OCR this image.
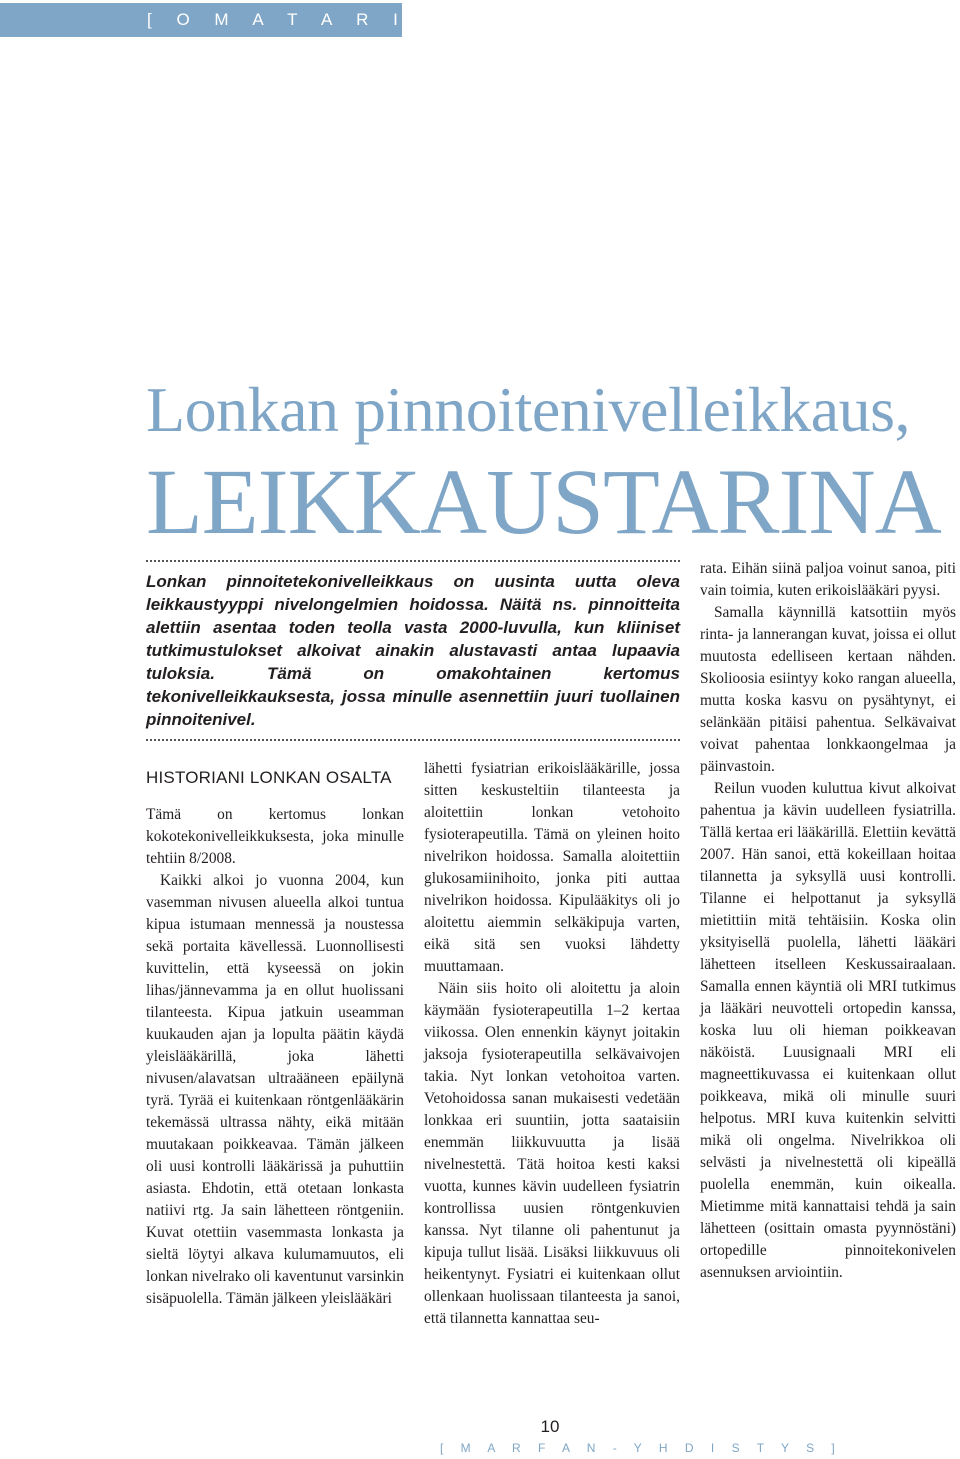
[ O M A T A R I N A ]
Lonkan pinnoitenivelleikkaus,
LEIKKAUSTARINA

Lonkan pinnoitetekonivelleikkaus on uusinta uutta oleva leikkaustyyppi nivelongelmien hoidossa. Näitä ns. pinnoitteita alettiin asentaa toden teolla vasta 2000-luvulla, kun kliiniset tutkimustulokset alkoivat ainakin alustavasti antaa lupaavia tuloksia. Tämä on omakohtainen kertomus tekonivelleikkauksesta, jossa minulle asennettiin juuri tuollainen pinnoitenivel.

HISTORIANI LONKAN OSALTA

Tämä on kertomus lonkan kokotekonivelleikkuksesta, joka minulle tehtiin 8/2008.

Kaikki alkoi jo vuonna 2004, kun vasemman nivusen alueella alkoi tuntua kipua istumaan mennessä ja noustessa sekä portaita kävellessä. Luonnollisesti kuvittelin, että kyseessä on jokin lihas/jännevamma ja en ollut huolissani tilanteesta. Kipua jatkuin useamman kuukauden ajan ja lopulta päätin käydä yleislääkärillä, joka lähetti nivusen/alavatsan ultraääneen epäilynä tyrä. Tyrää ei kuitenkaan röntgenlääkärin tekemässä ultrassa nähty, eikä mitään muutakaan poikkeavaa. Tämän jälkeen oli uusi kontrolli lääkärissä ja puhuttiin asiasta. Ehdotin, että otetaan lonkasta natiivi rtg. Ja sain lähetteen röntgeniin. Kuvat otettiin vasemmasta lonkasta ja sieltä löytyi alkava kulumamuutos, eli lonkan nivelrako oli kaventunut varsinkin sisäpuolella. Tämän jälkeen yleislääkäri

lähetti fysiatrian erikoislääkärille, jossa sitten keskusteltiin tilanteesta ja aloitettiin lonkan vetohoito fysioterapeutilla. Tämä on yleinen hoito nivelrikon hoidossa. Samalla aloitettiin glukosamiinihoito, jonka piti auttaa nivelrikon hoidossa. Kipulääkitys oli jo aloitettu aiemmin selkäkipuja varten, eikä sitä sen vuoksi lähdetty muuttamaan.

Näin siis hoito oli aloitettu ja aloin käymään fysioterapeutilla 1–2 kertaa viikossa. Olen ennenkin käynyt joitakin jaksoja fysioterapeutilla selkävaivojen takia. Nyt lonkan vetohoitoa varten. Vetohoidossa sanan mukaisesti vedetään lonkkaa eri suuntiin, jotta saataisiin enemmän liikkuvuutta ja lisää nivelnestettä. Tätä hoitoa kesti kaksi vuotta, kunnes kävin uudelleen fysiatrin kontrollissa uusien röntgenkuvien kanssa. Nyt tilanne oli pahentunut ja kipuja tullut lisää. Lisäksi liikkuvuus oli heikentynyt. Fysiatri ei kuitenkaan ollut ollenkaan huolissaan tilanteesta ja sanoi, että tilannetta kannattaa seu-

rata. Eihän siinä paljoa voinut sanoa, piti vain toimia, kuten erikoislääkäri pyysi.

Samalla käynnillä katsottiin myös rinta- ja lannerangan kuvat, joissa ei ollut muutosta edelliseen kertaan nähden. Skolioosia esiintyy koko rangan alueella, mutta koska kasvu on pysähtynyt, ei selänkään pitäisi pahentua. Selkävaivat voivat pahentaa lonkkaongelmaa ja päinvastoin.

Reilun vuoden kuluttua kivut alkoivat pahentua ja kävin uudelleen fysiatrilla. Tällä kertaa eri lääkärillä. Elettiin kevättä 2007. Hän sanoi, että kokeillaan hoitaa tilannetta ja syksyllä uusi kontrolli. Tilanne ei helpottanut ja syksyllä mietittiin mitä tehtäisiin. Koska olin yksityisellä puolella, lähetti lääkäri lähetteen itselleen Keskussairaalaan. Samalla ennen käyntiä oli MRI tutkimus ja lääkäri neuvotteli ortopedin kanssa, koska luu oli hieman poikkeavan näköistä. Luusignaali MRI eli magneettikuvassa ei kuitenkaan ollut poikkeava, mikä oli minulle suuri helpotus. MRI kuva kuitenkin selvitti mikä oli ongelma. Nivelrikkoa oli selvästi ja nivelnestettä oli kipeällä puolella enemmän, kuin oikealla. Mietimme mitä kannattaisi tehdä ja sain lähetteen (osittain omasta pyynnöstäni) ortopedille pinnoitekonivelen asennuksen arviointiin.

10
[ M A R F A N - Y H D I S T Y S ]
